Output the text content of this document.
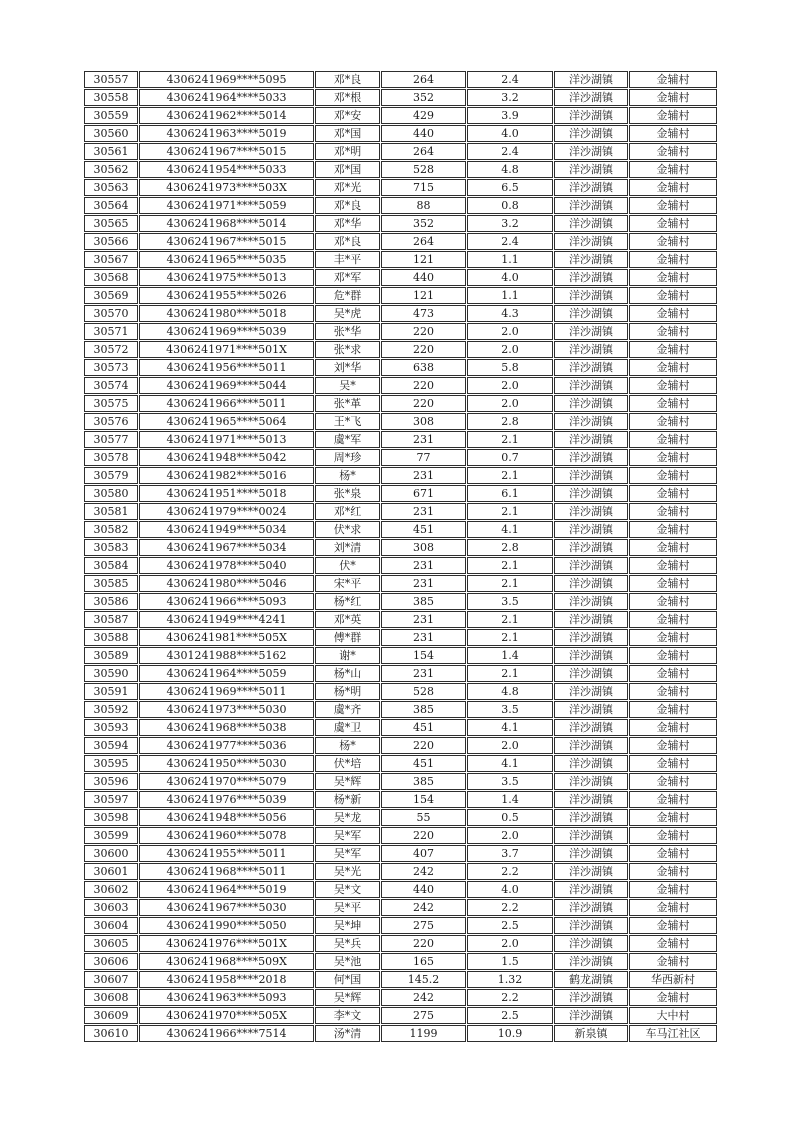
30557	4306241969****5095	邓*良	264	2.4	洋沙湖镇	金辅村
30558	4306241964****5033	邓*根	352	3.2	洋沙湖镇	金辅村
30559	4306241962****5014	邓*安	429	3.9	洋沙湖镇	金辅村
30560	4306241963****5019	邓*国	440	4.0	洋沙湖镇	金辅村
30561	4306241967****5015	邓*明	264	2.4	洋沙湖镇	金辅村
30562	4306241954****5033	邓*国	528	4.8	洋沙湖镇	金辅村
30563	4306241973****503X	邓*光	715	6.5	洋沙湖镇	金辅村
30564	4306241971****5059	邓*良	88	0.8	洋沙湖镇	金辅村
30565	4306241968****5014	邓*华	352	3.2	洋沙湖镇	金辅村
30566	4306241967****5015	邓*良	264	2.4	洋沙湖镇	金辅村
30567	4306241965****5035	丰*平	121	1.1	洋沙湖镇	金辅村
30568	4306241975****5013	邓*军	440	4.0	洋沙湖镇	金辅村
30569	4306241955****5026	危*群	121	1.1	洋沙湖镇	金辅村
30570	4306241980****5018	吴*虎	473	4.3	洋沙湖镇	金辅村
30571	4306241969****5039	张*华	220	2.0	洋沙湖镇	金辅村
30572	4306241971****501X	张*求	220	2.0	洋沙湖镇	金辅村
30573	4306241956****5011	刘*华	638	5.8	洋沙湖镇	金辅村
30574	4306241969****5044	吴*	220	2.0	洋沙湖镇	金辅村
30575	4306241966****5011	张*革	220	2.0	洋沙湖镇	金辅村
30576	4306241965****5064	王*飞	308	2.8	洋沙湖镇	金辅村
30577	4306241971****5013	虞*军	231	2.1	洋沙湖镇	金辅村
30578	4306241948****5042	周*珍	77	0.7	洋沙湖镇	金辅村
30579	4306241982****5016	杨*	231	2.1	洋沙湖镇	金辅村
30580	4306241951****5018	张*泉	671	6.1	洋沙湖镇	金辅村
30581	4306241979****0024	邓*红	231	2.1	洋沙湖镇	金辅村
30582	4306241949****5034	伏*求	451	4.1	洋沙湖镇	金辅村
30583	4306241967****5034	刘*清	308	2.8	洋沙湖镇	金辅村
30584	4306241978****5040	伏*	231	2.1	洋沙湖镇	金辅村
30585	4306241980****5046	宋*平	231	2.1	洋沙湖镇	金辅村
30586	4306241966****5093	杨*红	385	3.5	洋沙湖镇	金辅村
30587	4306241949****4241	邓*英	231	2.1	洋沙湖镇	金辅村
30588	4306241981****505X	傅*群	231	2.1	洋沙湖镇	金辅村
30589	4301241988****5162	谢*	154	1.4	洋沙湖镇	金辅村
30590	4306241964****5059	杨*山	231	2.1	洋沙湖镇	金辅村
30591	4306241969****5011	杨*明	528	4.8	洋沙湖镇	金辅村
30592	4306241973****5030	虞*齐	385	3.5	洋沙湖镇	金辅村
30593	4306241968****5038	虞*卫	451	4.1	洋沙湖镇	金辅村
30594	4306241977****5036	杨*	220	2.0	洋沙湖镇	金辅村
30595	4306241950****5030	伏*培	451	4.1	洋沙湖镇	金辅村
30596	4306241970****5079	吴*辉	385	3.5	洋沙湖镇	金辅村
30597	4306241976****5039	杨*新	154	1.4	洋沙湖镇	金辅村
30598	4306241948****5056	吴*龙	55	0.5	洋沙湖镇	金辅村
30599	4306241960****5078	吴*军	220	2.0	洋沙湖镇	金辅村
30600	4306241955****5011	吴*军	407	3.7	洋沙湖镇	金辅村
30601	4306241968****5011	吴*光	242	2.2	洋沙湖镇	金辅村
30602	4306241964****5019	吴*文	440	4.0	洋沙湖镇	金辅村
30603	4306241967****5030	吴*平	242	2.2	洋沙湖镇	金辅村
30604	4306241990****5050	吴*坤	275	2.5	洋沙湖镇	金辅村
30605	4306241976****501X	吴*兵	220	2.0	洋沙湖镇	金辅村
30606	4306241968****509X	吴*池	165	1.5	洋沙湖镇	金辅村
30607	4306241958****2018	何*国	145.2	1.32	鹤龙湖镇	华西新村
30608	4306241963****5093	吴*辉	242	2.2	洋沙湖镇	金辅村
30609	4306241970****505X	李*文	275	2.5	洋沙湖镇	大中村
30610	4306241966****7514	汤*清	1199	10.9	新泉镇	车马江社区
